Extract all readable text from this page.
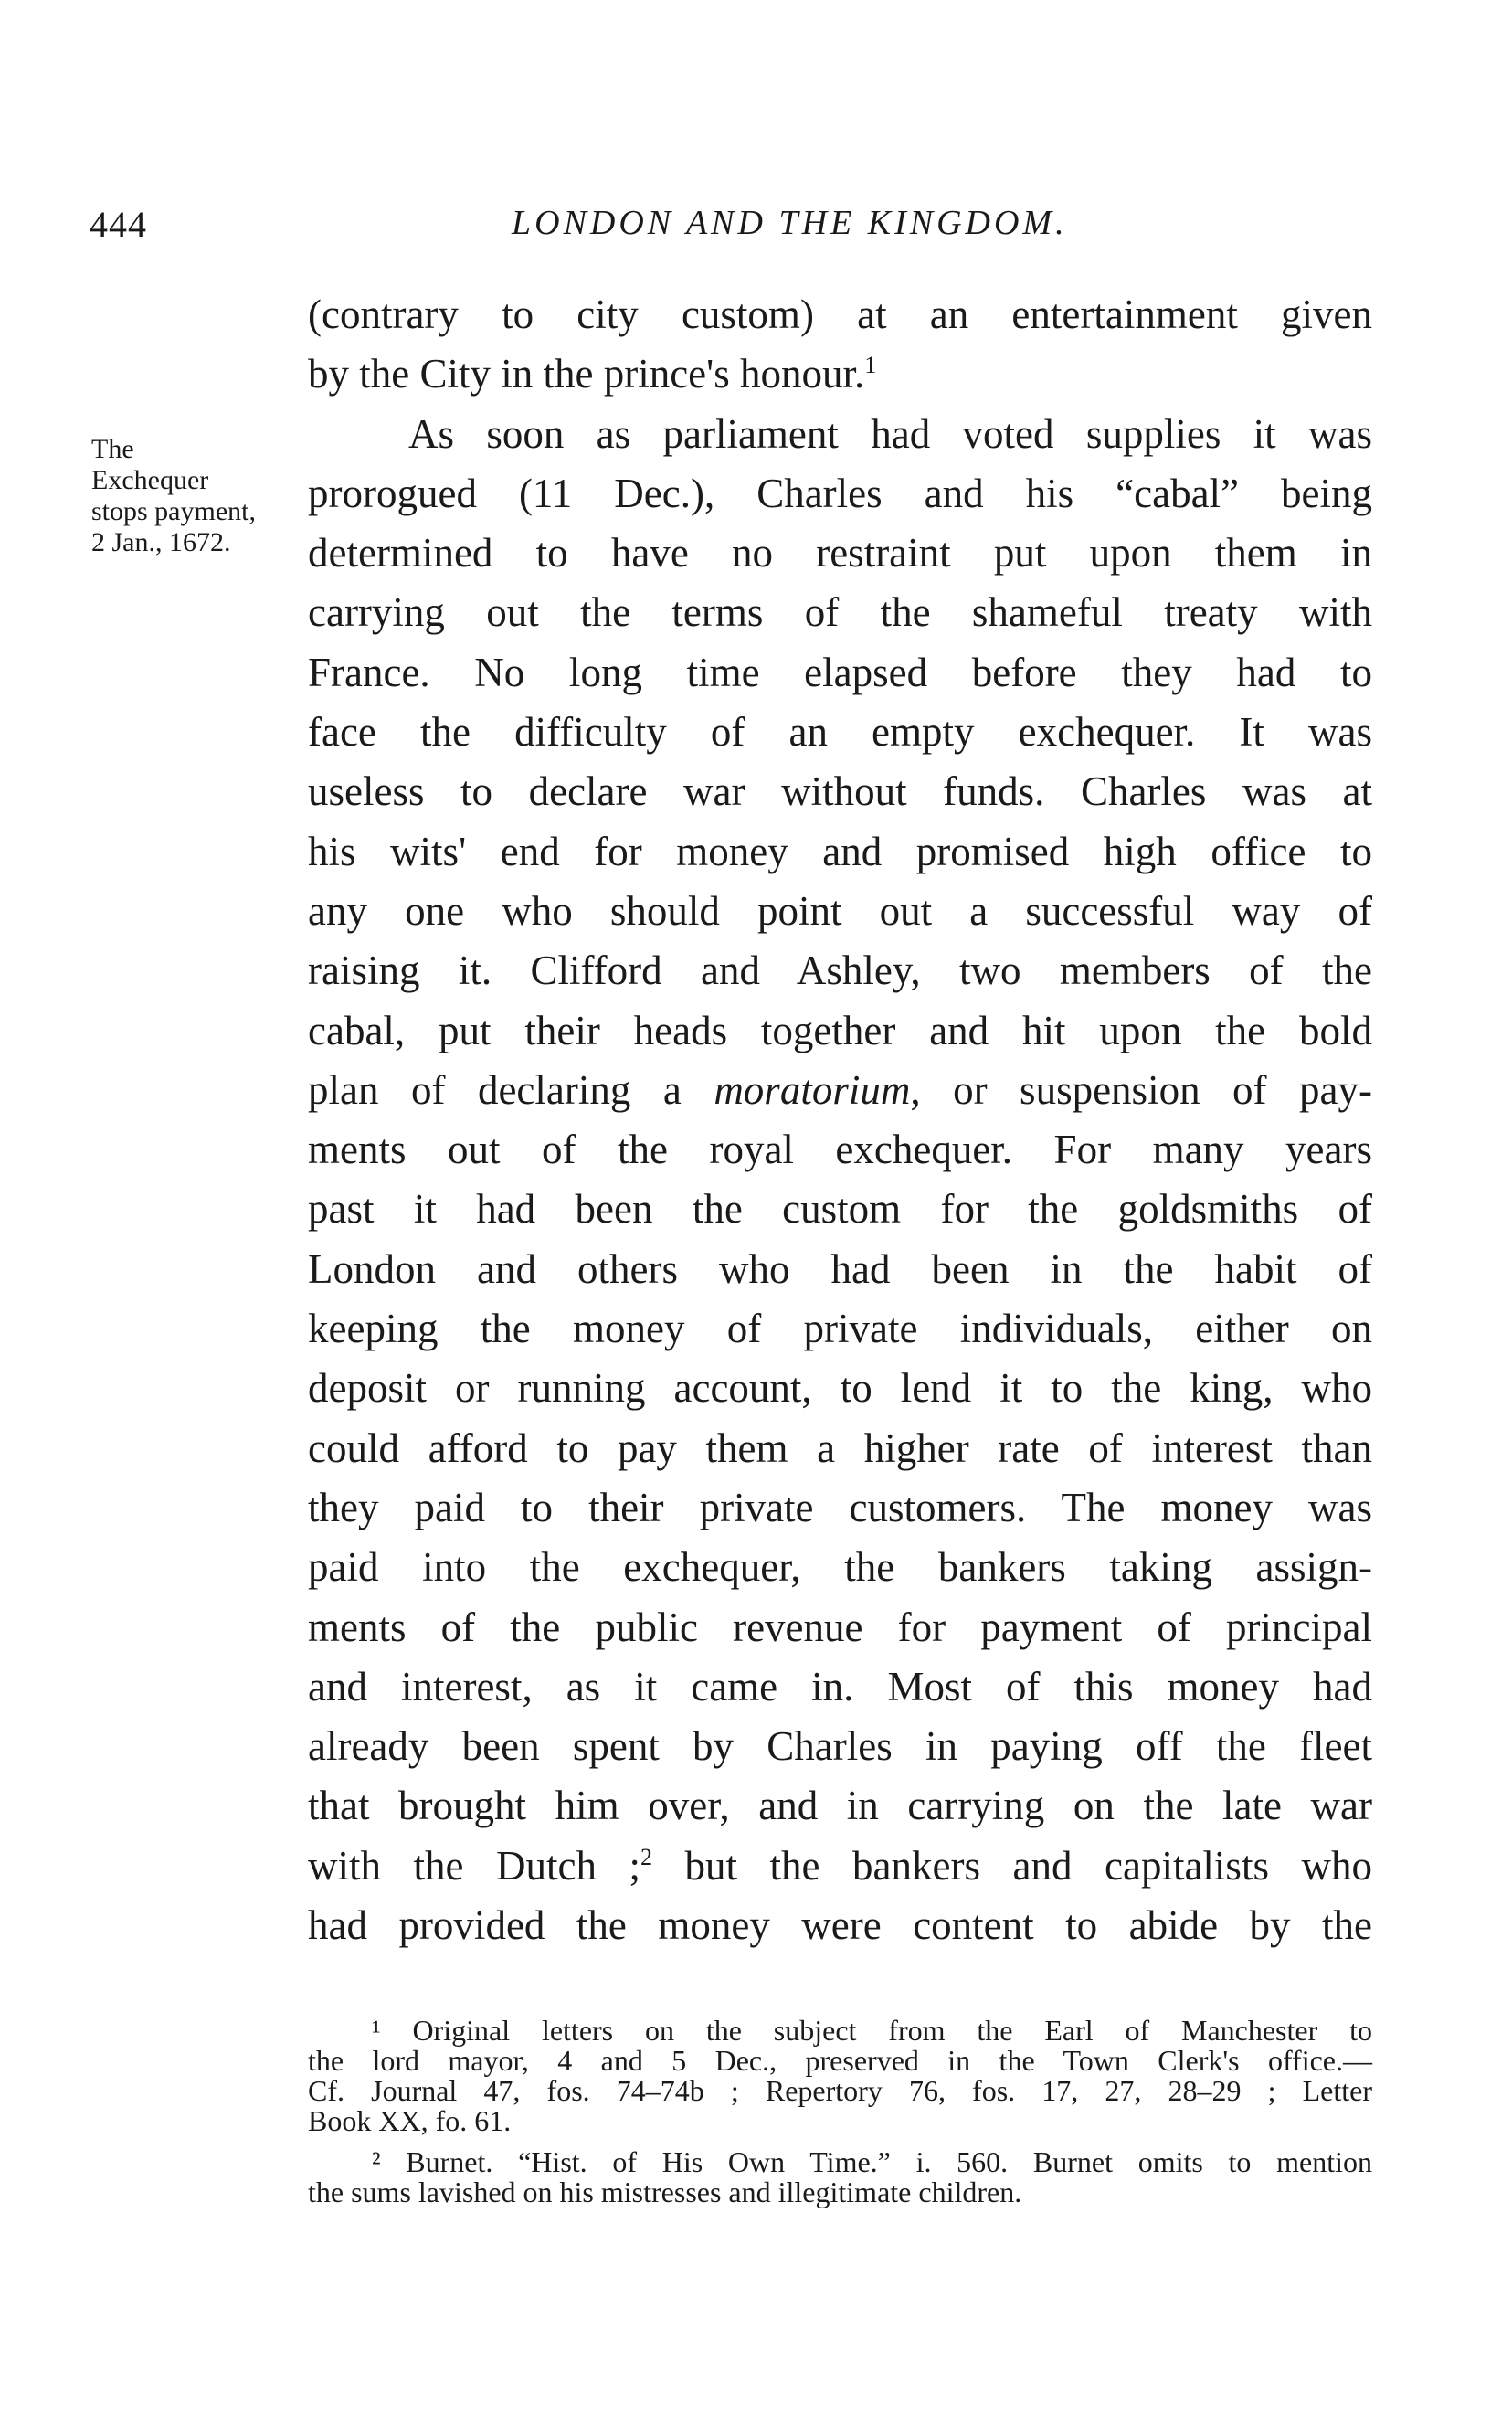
444	LONDON AND THE KINGDOM.
The
Exchequer
stops payment,
2 Jan., 1672.
(contrary to city custom) at an entertainment given
by the City in the prince's honour.$^1$
As soon as parliament had voted supplies it was
prorogued (11 Dec.), Charles and his “cabal” being
determined to have no restraint put upon them in
carrying out the terms of the shameful treaty with
France. No long time elapsed before they had to
face the difficulty of an empty exchequer. It was
useless to declare war without funds. Charles was at
his wits' end for money and promised high office to
any one who should point out a successful way of
raising it. Clifford and Ashley, two members of the
cabal, put their heads together and hit upon the bold
plan of declaring a moratorium, or suspension of pay-
ments out of the royal exchequer. For many years
past it had been the custom for the goldsmiths of
London and others who had been in the habit of
keeping the money of private individuals, either on
deposit or running account, to lend it to the king, who
could afford to pay them a higher rate of interest than
they paid to their private customers. The money was
paid into the exchequer, the bankers taking assign-
ments of the public revenue for payment of principal
and interest, as it came in. Most of this money had
already been spent by Charles in paying off the fleet
that brought him over, and in carrying on the late war
with the Dutch ;$^2$ but the bankers and capitalists who
had provided the money were content to abide by the
¹ Original letters on the subject from the Earl of Manchester to
the lord mayor, 4 and 5 Dec., preserved in the Town Clerk's office.—
Cf. Journal 47, fos. 74–74b ; Repertory 76, fos. 17, 27, 28–29 ; Letter
Book XX, fo. 61.
² Burnet. “Hist. of His Own Time.” i. 560. Burnet omits to mention
the sums lavished on his mistresses and illegitimate children.
